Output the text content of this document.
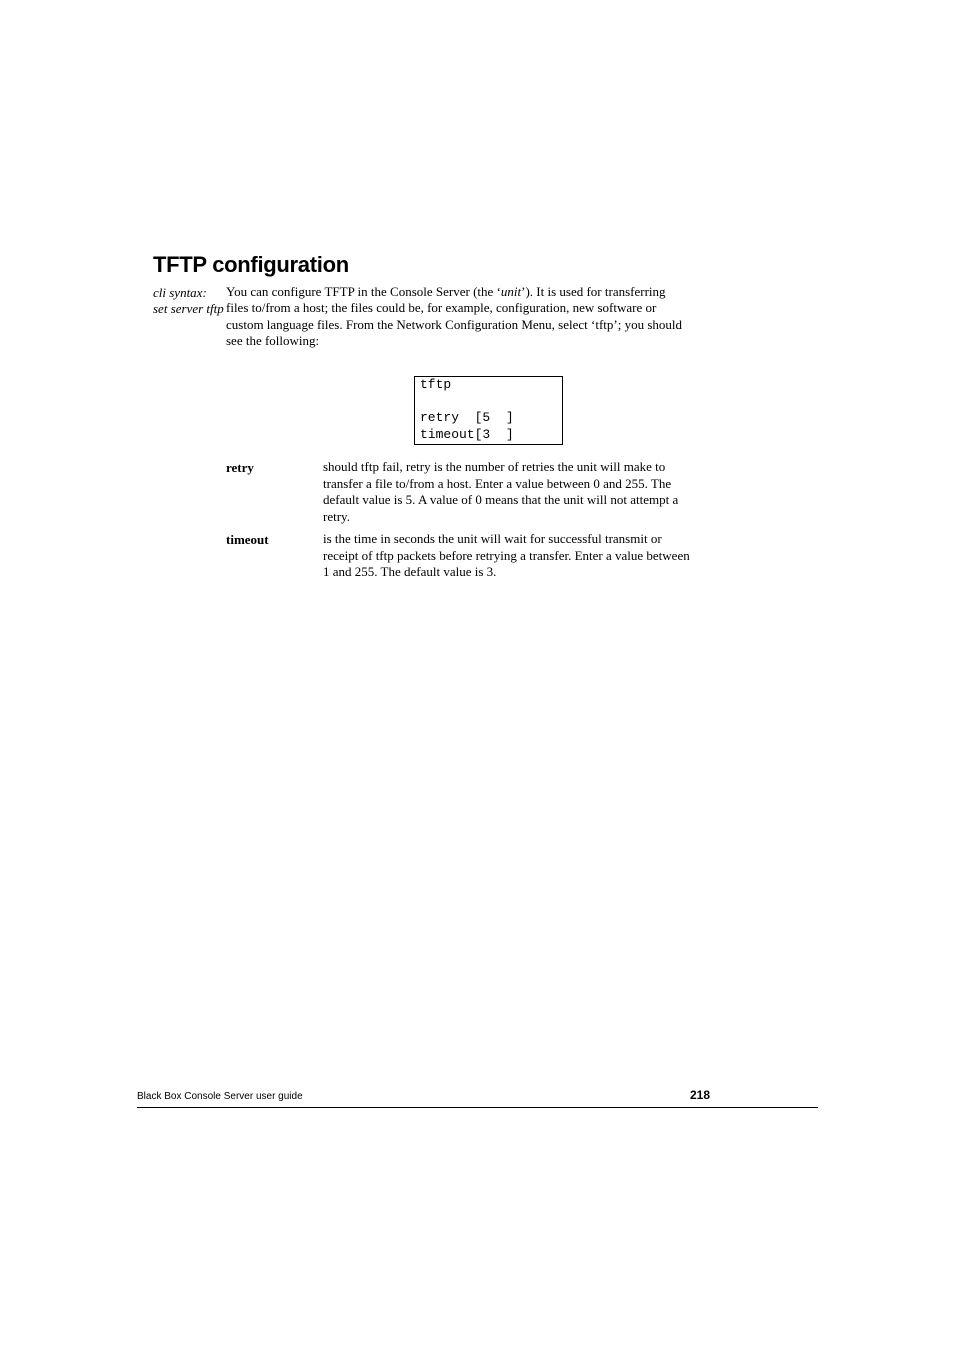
TFTP configuration
cli syntax:
set server tftp

You can configure TFTP in the Console Server (the ‘unit’). It is used for transferring
files to/from a host; the files could be, for example, configuration, new software or
custom language files. From the Network Configuration Menu, select ‘tftp’; you should
see the following:

tftp
retry  [5  ]
timeout[3  ]
retry	should tftp fail, retry is the number of retries the unit will make to
transfer a file to/from a host. Enter a value between 0 and 255. The
default value is 5. A value of 0 means that the unit will not attempt a
retry.
timeout	is the time in seconds the unit will wait for successful transmit or
receipt of tftp packets before retrying a transfer. Enter a value between
1 and 255. The default value is 3.
Black Box Console Server user guide	218
